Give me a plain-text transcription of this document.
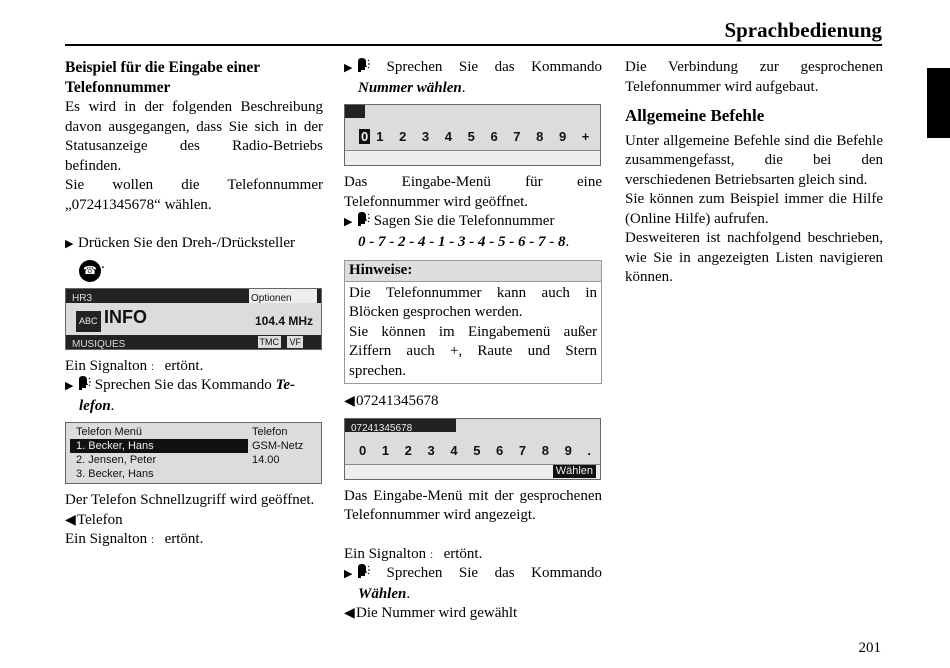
Sprachbedienung

Beispiel für die Eingabe einer
Telefonnummer

Es wird in der folgenden Beschreibung davon ausgegangen, dass Sie sich in der Statusanzeige des Radio-Betriebs befinden.

Sie wollen die Telefonnummer

„07241345678“ wählen.

▶ Drücken Sie den Dreh-/Drücksteller

☎ .

HR3	Optionen
ABC INFO	104.4 MHz
MUSIQUES	TMC VF

Ein Signalton ː ertönt.

▶ Sprechen Sie das Kommando Te-

lefon.

Telefon Menü
1. Becker, Hans
2. Jensen, Peter
3. Becker, Hans
Telefon
GSM-Netz
14.00

Der Telefon Schnellzugriff wird geöffnet.

◀Telefon

Ein Signalton ː ertönt.

▶ Sprechen Sie das Kommando

Nummer wählen.

0 1 2 3 4 5 6 7 8 9 +

Das Eingabe-Menü für eine Telefonnummer wird geöffnet.

▶ Sagen Sie die Telefonnummer

0 - 7 - 2 - 4 - 1 - 3 - 4 - 5 - 6 - 7 - 8.

Hinweise:

Die Telefonnummer kann auch in Blöcken gesprochen werden.

Sie können im Eingabemenü außer Ziffern auch +, Raute und Stern sprechen.

◀07241345678

07241345678
0 1 2 3 4 5 6 7 8 9 .
Wählen

Das Eingabe-Menü mit der gesprochenen Telefonnummer wird angezeigt.

Ein Signalton ː ertönt.

▶ Sprechen Sie das Kommando

Wählen.

◀Die Nummer wird gewählt

Die Verbindung zur gesprochenen Telefonnummer wird aufgebaut.

Allgemeine Befehle

Unter allgemeine Befehle sind die Befehle zusammengefasst, die bei den verschiedenen Betriebsarten gleich sind.

Sie können zum Beispiel immer die Hilfe (Online Hilfe) aufrufen.

Desweiteren ist nachfolgend beschrieben, wie Sie in angezeigten Listen navigieren können.

201
